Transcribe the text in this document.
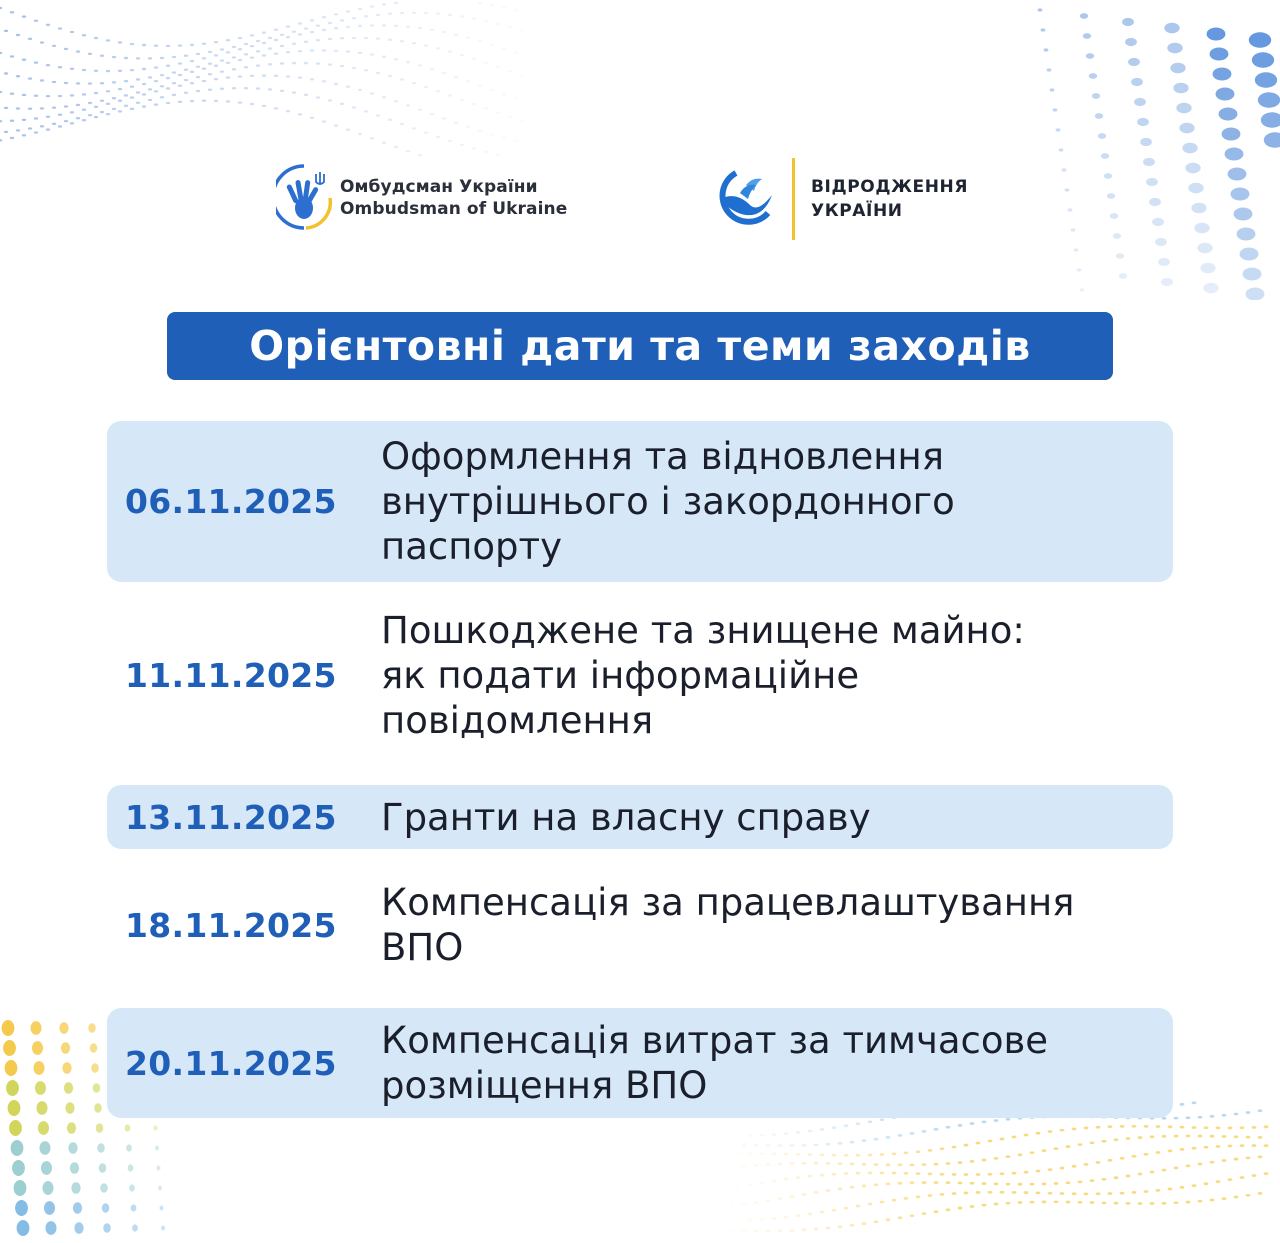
Омбудсман України
Ombudsman of Ukraine
ВІДРОДЖЕННЯ
УКРАЇНИ
Орієнтовні дати та теми заходів
06.11.2025
Оформлення та відновлення
внутрішнього і закордонного
паспорту
11.11.2025
Пошкоджене та знищене майно:
як подати інформаційне
повідомлення
13.11.2025 Гранти на власну справу
18.11.2025
Компенсація за працевлаштування
ВПО
20.11.2025
Компенсація витрат за тимчасове
розміщення ВПО
